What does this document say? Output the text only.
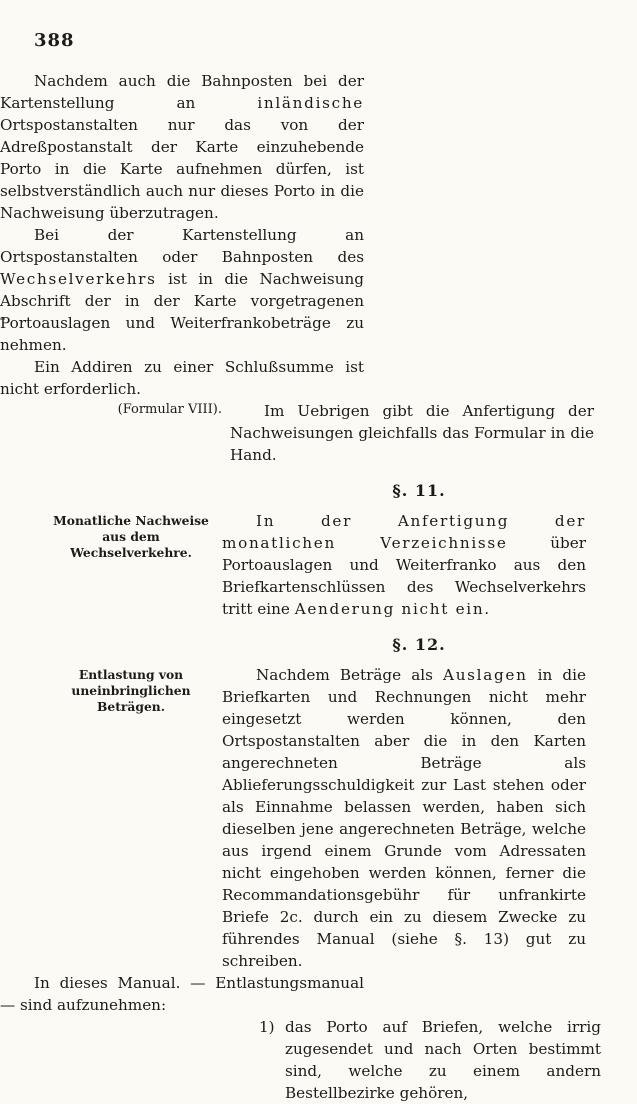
388

Nachdem auch die Bahnposten bei der Kartenstellung an inländische Ortspostanstalten nur das von der Adreßpostanstalt der Karte einzuhebende Porto in die Karte aufnehmen dürfen, ist selbstverständlich auch nur dieses Porto in die Nachweisung überzutragen.

Bei der Kartenstellung an Ortspostanstalten oder Bahnposten des Wechselverkehrs ist in die Nachweisung Abschrift der in der Karte vorgetragenen Portoauslagen und Weiterfrankobeträge zu nehmen.

Ein Addiren zu einer Schlußsumme ist nicht erforderlich.

(Formular VIII).	Im Uebrigen gibt die Anfertigung der Nachweisungen gleichfalls das Formular in die Hand.

§. 11.
Monatliche Nachweise aus dem Wechselverkehre.

In der Anfertigung der monatlichen Verzeichnisse über Portoauslagen und Weiterfranko aus den Briefkartenschlüssen des Wechselverkehrs tritt eine Aenderung nicht ein.

§. 12.
Entlastung von uneinbringlichen Beträgen.

Nachdem Beträge als Auslagen in die Briefkarten und Rechnungen nicht mehr eingesetzt werden können, den Ortspostanstalten aber die in den Karten angerechneten Beträge als Ablieferungsschuldigkeit zur Last stehen oder als Einnahme belassen werden, haben sich dieselben jene angerechneten Beträge, welche aus irgend einem Grunde vom Adressaten nicht eingehoben werden können, ferner die Recommandationsgebühr für unfrankirte Briefe 2c. durch ein zu diesem Zwecke zu führendes Manual (siehe §. 13) gut zu schreiben.

In dieses Manual. — Entlastungsmanual — sind aufzunehmen:

1) das Porto auf Briefen, welche irrig zugesendet und nach Orten bestimmt sind, welche zu einem andern Bestellbezirke gehören,
